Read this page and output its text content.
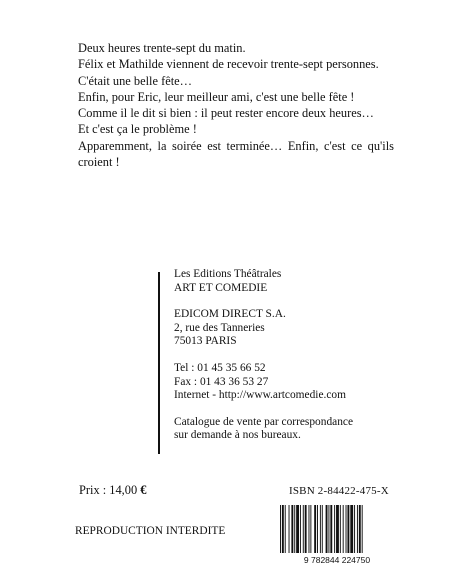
Deux heures trente-sept du matin.
Félix et Mathilde viennent de recevoir trente-sept personnes.
C'était une belle fête…
Enfin, pour Eric, leur meilleur ami, c'est une belle fête !
Comme il le dit si bien : il peut rester encore deux heures…
Et c'est ça le problème !
Apparemment, la soirée est terminée… Enfin, c'est ce qu'ils
croient !
Les Editions Théâtrales
ART ET COMEDIE
EDICOM DIRECT S.A.
2, rue des Tanneries
75013 PARIS
Tel : 01 45 35 66 52
Fax : 01 43 36 53 27
Internet - http://www.artcomedie.com
Catalogue de vente par correspondance
sur demande à nos bureaux.
Prix : 14,00 €	ISBN 2-84422-475-X
REPRODUCTION INTERDITE
9 782844 224750
